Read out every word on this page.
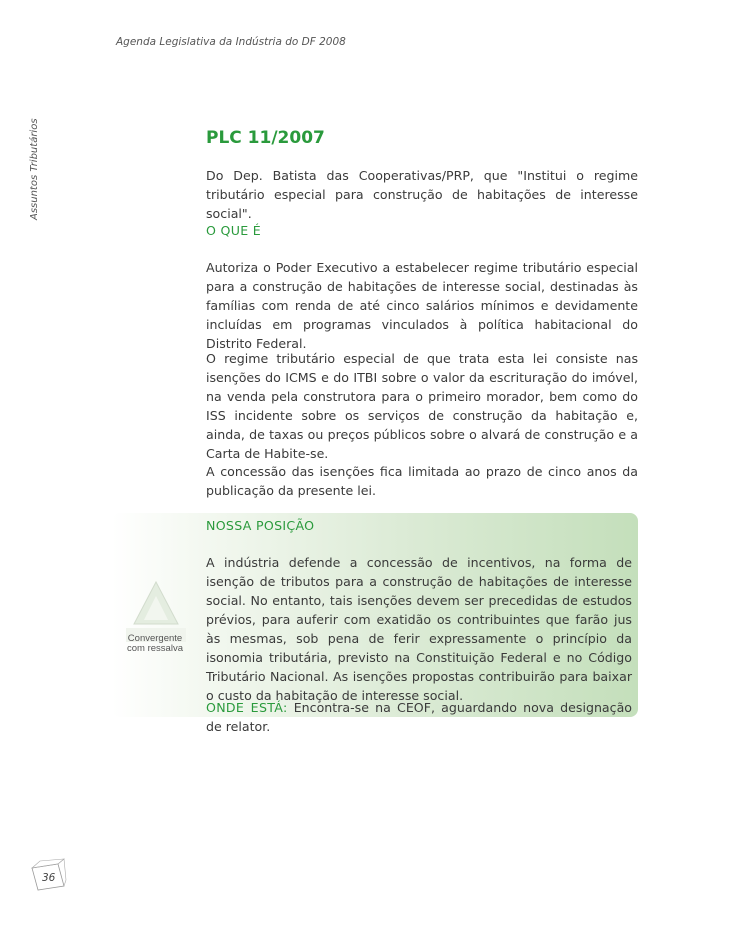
Agenda Legislativa da Indústria do DF 2008
Assuntos Tributários	PLC 11/2007
Do Dep. Batista das Cooperativas/PRP, que "Institui o regime tributário especial para construção de habitações de interesse social".
O QUE É
Autoriza o Poder Executivo a estabelecer regime tributário especial para a construção de habitações de interesse social, destinadas às famílias com renda de até cinco salários mínimos e devidamente incluídas em programas vinculados à política habitacional do Distrito Federal.
O regime tributário especial de que trata esta lei consiste nas isenções do ICMS e do ITBI sobre o valor da escrituração do imóvel, na venda pela construtora para o primeiro morador, bem como do ISS incidente sobre os serviços de construção da habitação e, ainda, de taxas ou preços públicos sobre o alvará de construção e a Carta de Habite-se.
A concessão das isenções fica limitada ao prazo de cinco anos da publicação da presente lei.
Convergente
com ressalva
NOSSA POSIÇÃO
A indústria defende a concessão de incentivos, na forma de isenção de tributos para a construção de habitações de interesse social. No entanto, tais isenções devem ser precedidas de estudos prévios, para auferir com exatidão os contribuintes que farão jus às mesmas, sob pena de ferir expressamente o princípio da isonomia tributária, previsto na Constituição Federal e no Código Tributário Nacional. As isenções propostas contribuirão para baixar o custo da habitação de interesse social.
ONDE ESTÁ: Encontra-se na CEOF, aguardando nova designação de relator.
36
